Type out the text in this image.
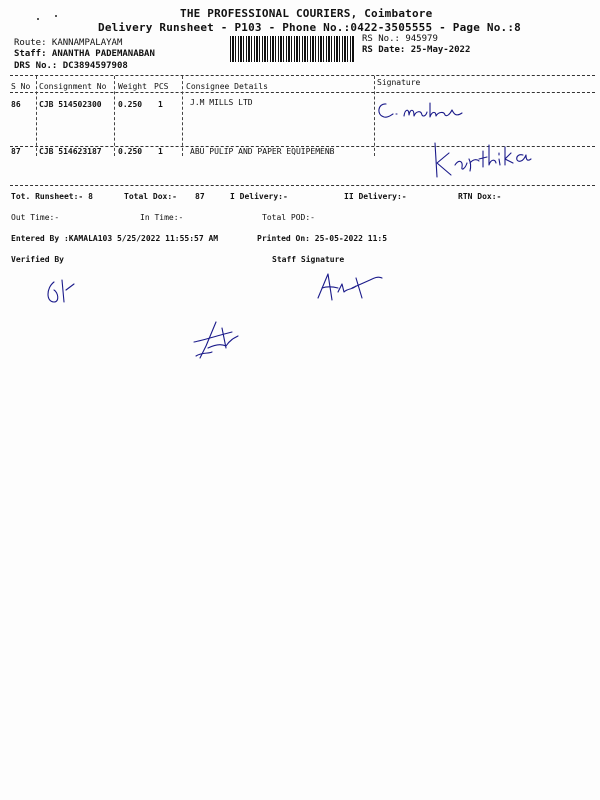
THE PROFESSIONAL COURIERS, Coimbatore
Delivery Runsheet - P103 - Phone No.:0422-3505555 - Page No.:8
Route: KANNAMPALAYAM
Staff: ANANTHA PADEMANABAN
DRS No.: DC3894597908
RS No.: 945979
RS Date: 25-May-2022
S No Consignment No Weight PCS Consignee Details	Signature
86 CJB 514502300 0.250 1	J.M MILLS LTD
87 CJB 514623187 0.250 1	ABU PULIP AND PAPER EQUIPEMENB
Tot. Runsheet:- 8	Total Dox:- 87	I Delivery:-	II Delivery:-	RTN Dox:-
Out Time:-	In Time:-	Total POD:-
Entered By :KAMALA103 5/25/2022 11:55:57 AM	Printed On: 25-05-2022 11:5
Verified By	Staff Signature
